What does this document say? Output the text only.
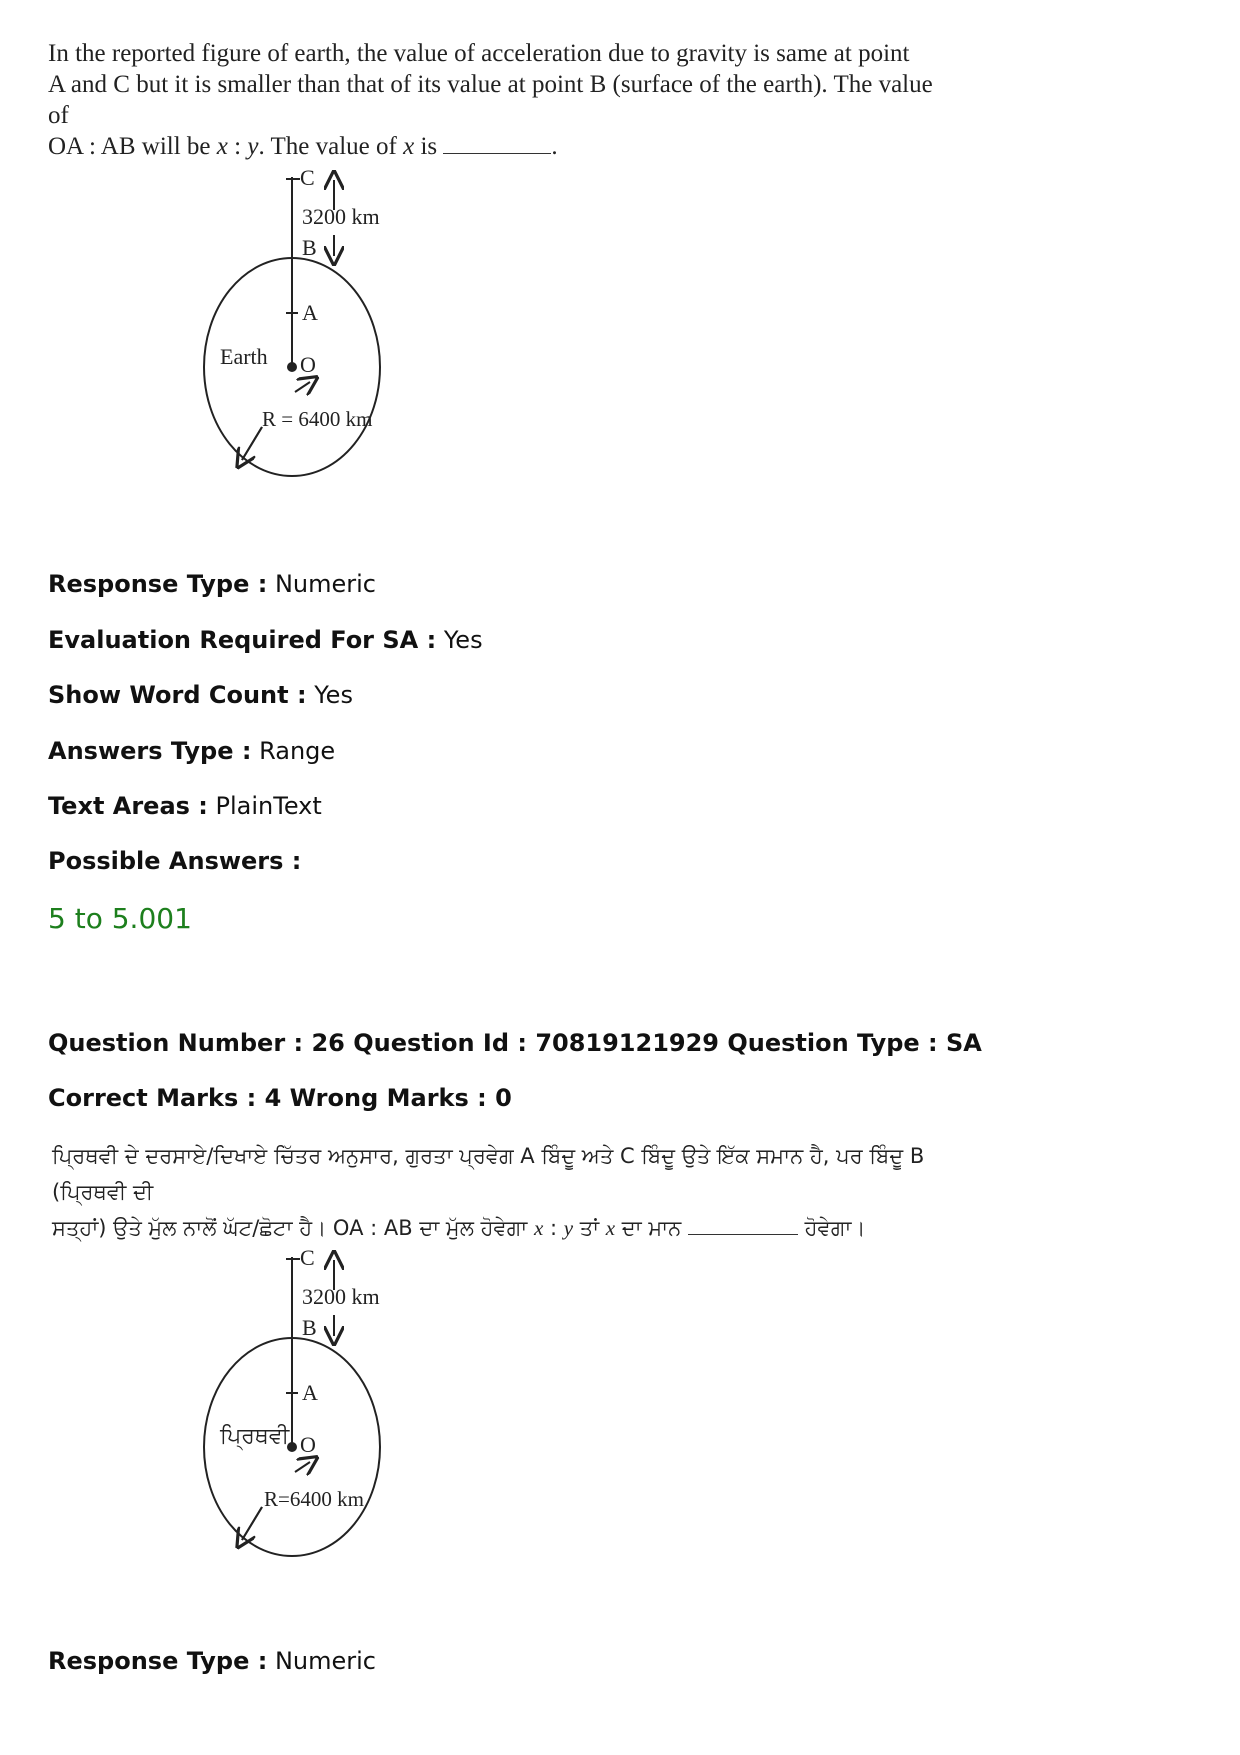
In the reported figure of earth, the value of acceleration due to gravity is same at point
A and C but it is smaller than that of its value at point B (surface of the earth). The value of
OA : AB will be x : y. The value of x is	.
C
3200 km
B
A
Earth O
R = 6400 km
Response Type : Numeric
Evaluation Required For SA : Yes
Show Word Count : Yes
Answers Type : Range
Text Areas : PlainText
Possible Answers :
5 to 5.001
Question Number : 26 Question Id : 70819121929 Question Type : SA
Correct Marks : 4 Wrong Marks : 0
ਪ੍ਰਿਥਵੀ ਦੇ ਦਰਸਾਏ/ਦਿਖਾਏ ਚਿੱਤਰ ਅਨੁਸਾਰ, ਗੁਰਤਾ ਪ੍ਰਵੇਗ A ਬਿੰਦੂ ਅਤੇ C ਬਿੰਦੂ ਉਤੇ ਇੱਕ ਸਮਾਨ ਹੈ, ਪਰ ਬਿੰਦੂ B (ਪ੍ਰਿਥਵੀ ਦੀ
ਸਤ੍ਹਾਂ) ਉਤੇ ਮੁੱਲ ਨਾਲੋਂ ਘੱਟ/ਛੋਟਾ ਹੈ। OA : AB ਦਾ ਮੁੱਲ ਹੋਵੇਗਾ x : y ਤਾਂ x ਦਾ ਮਾਨ	ਹੋਵੇਗਾ।
C
3200 km
B
A
ਪ੍ਰਿਥਵੀ O
R=6400 km
Response Type : Numeric
